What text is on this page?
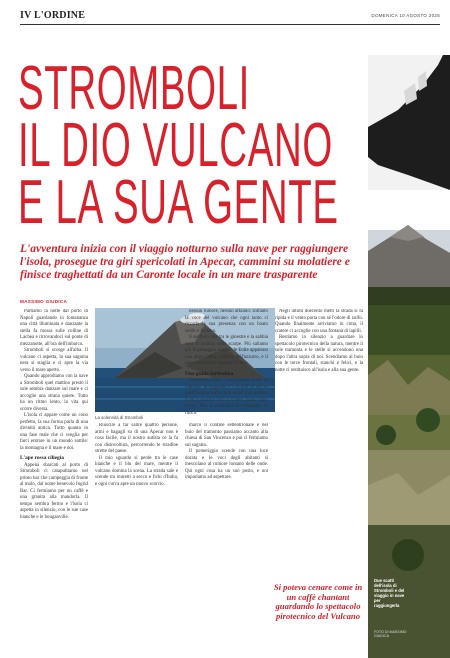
IV L'ORDINE	DOMENICA 10 AGOSTO 2025
STROMBOLI
IL DIO VULCANO
E LA SUA GENTE

L'avventura inizia con il viaggio notturno sulla nave per raggiungere l'isola, prosegue tra giri spericolati in Apecar, cammini su molatiere e finisce traghettati da un Caronte locale in un mare trasparente

MASSIMO GIUDICA

Partiamo la notte dal porto di Napoli guardando in lontananza una città illuminata e danzante la stella fa mossa sulle colline di Lachea e ritrovandoci sul ponte di mezzanotte, all'ora dell'imbarco.

Stromboli si scorge all'alba. Il vulcano ci aspetta, la sua sagoma nera si staglia e ci apre la via verso il mare aperto.

Quando approdiamo con la nave a Stromboli quel mattino presto il sole sembra danzare sul mare e ci accoglie una strana quiete. Tutto ha un ritmo lento, la vita qui scorre diversa.

L'isola ci appare come un cono perfetto, la sua forma parla di una divinità antica. Tutto quanto in una fase reale che ci sveglia per farci entrare in un mondo sottile: la montagna e il mare e noi.

L'ape rossa ciliegia

Appena sbarcati al porto di Stromboli ci catapultiamo nel primo bar che campeggia di fronte al molo, dal nome benevolo Ingrid Bar. Ci fermiamo per un caffè e una granita alla mandorla. Il tempo sembra fermo e l'isola ci aspetta in silenzio, con le sue case bianche e le bouganville.

La solennità di Stromboli

Riuscire a far salire quattro persone, armi e bagagli su di una Apecar non è cosa facile, ma il nostro autista ce la fa con disinvoltura, percorrendo le stradine strette del paese.

Il mio sguardo si perde tra le case bianche e il blu del mare, mentre il vulcano domina la scena. La strada sale e scende tra muretti a secco e fichi d'India, e ogni curva apre un nuovo scorcio.

marcò il confine settentrionale e nel buio del tramonto passiamo accanto alla chiesa di San Vincenzo e poi ci fermiamo sul sagrato.

Il pomeriggio scende con una luce dorata e le voci degli abitanti si mescolano al rumore lontano delle onde. Qui ogni cosa ha un suo posto, e noi impariamo ad aspettare.

nessun rumore, nessun affanno: soltanto la voce del vulcano che ogni tanto ci ricorda la sua presenza con un boato sordo e lontano.

Il sentiero sale tra le ginestre e la sabbia nera si insinua nelle scarpe. Più saliamo più il paesaggio si apre: le Eolie appaiono una dopo l'altra, sospese nell'azzurro, e il mare diventa un tappeto di luce.

Una guida fortissima

Salvatore, Lisa, ci raccontano storie di vulcano, le leggende e i ricordi di chi su quest'isola è nato e non se n'è mai andato. È lui a guidarci fino ai crateri, passo dopo passo, fino a mostrarci la montagna di fuoco.

Negli ultimi duecento metri la strada si fa ripida e il vento porta con sé l'odore di zolfo. Quando finalmente arriviamo in cima, il cratere ci accoglie con una fontana di lapilli.

Restiamo in silenzio a guardare lo spettacolo pirotecnico della natura, mentre il sole tramonta e le stelle si accendono una dopo l'altra sopra di noi. Scendiamo al buio con le torce frontali, stanchi e felici, e la notte ci restituisce all'isola e alla sua gente.

Si poteva cenare come in un caffè chantant guardando lo spettacolo pirotecnico del Vulcano

Due scatti dell'isola di Stromboli e del viaggio in nave per raggiungerla
FOTO DI MASSIMO GIUDICA
